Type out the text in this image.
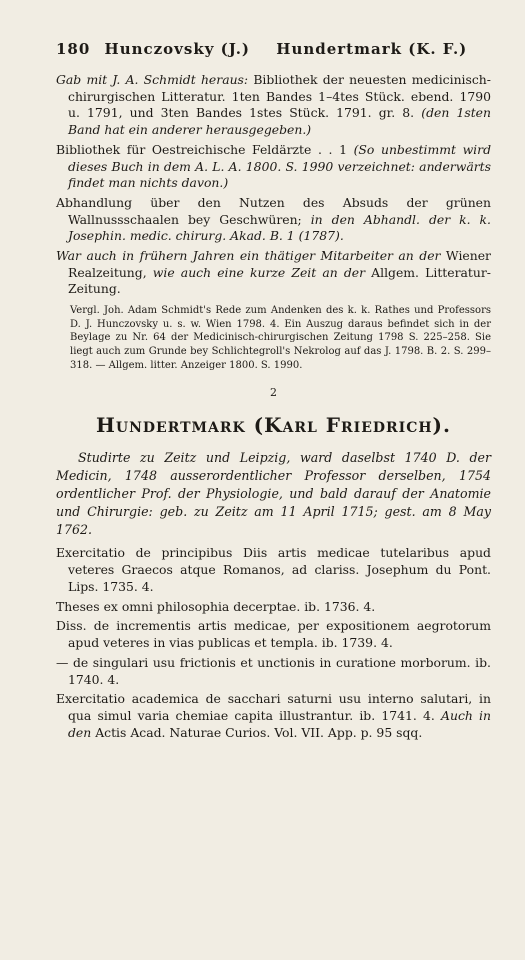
180 Hunczovsky (J.) Hundertmark (K. F.)

Gab mit J. A. Schmidt heraus: Bibliothek der neuesten medicinisch-chirurgischen Litteratur. 1ten Bandes 1–4tes Stück. ebend. 1790 u. 1791, und 3ten Bandes 1stes Stück. 1791. gr. 8. (den 1sten Band hat ein anderer herausgegeben.)

Bibliothek für Oestreichische Feldärzte . . 1 (So unbestimmt wird dieses Buch in dem A. L. A. 1800. S. 1990 verzeichnet: anderwärts findet man nichts davon.)

Abhandlung über den Nutzen des Absuds der grünen Wallnussschaalen bey Geschwüren; in den Abhandl. der k. k. Josephin. medic. chirurg. Akad. B. 1 (1787).

War auch in frühern Jahren ein thätiger Mitarbeiter an der Wiener Realzeitung, wie auch eine kurze Zeit an der Allgem. Litteratur-Zeitung.

Vergl. Joh. Adam Schmidt's Rede zum Andenken des k. k. Rathes und Professors D. J. Hunczovsky u. s. w. Wien 1798. 4. Ein Auszug daraus befindet sich in der Beylage zu Nr. 64 der Medicinisch-chirurgischen Zeitung 1798 S. 225–258. Sie liegt auch zum Grunde bey Schlichtegroll's Nekrolog auf das J. 1798. B. 2. S. 299–318. — Allgem. litter. Anzeiger 1800. S. 1990.

2
Hundertmark (Karl Friedrich).

Studirte zu Zeitz und Leipzig, ward daselbst 1740 D. der Medicin, 1748 ausserordentlicher Professor derselben, 1754 ordentlicher Prof. der Physiologie, und bald darauf der Anatomie und Chirurgie: geb. zu Zeitz am 11 April 1715; gest. am 8 May 1762.

Exercitatio de principibus Diis artis medicae tutelaribus apud veteres Graecos atque Romanos, ad clariss. Josephum du Pont. Lips. 1735. 4.

Theses ex omni philosophia decerptae. ib. 1736. 4.

Diss. de incrementis artis medicae, per expositionem aegrotorum apud veteres in vias publicas et templa. ib. 1739. 4.

— de singulari usu frictionis et unctionis in curatione morborum. ib. 1740. 4.

Exercitatio academica de sacchari saturni usu interno salutari, in qua simul varia chemiae capita illustrantur. ib. 1741. 4. Auch in den Actis Acad. Naturae Curios. Vol. VII. App. p. 95 sqq.
